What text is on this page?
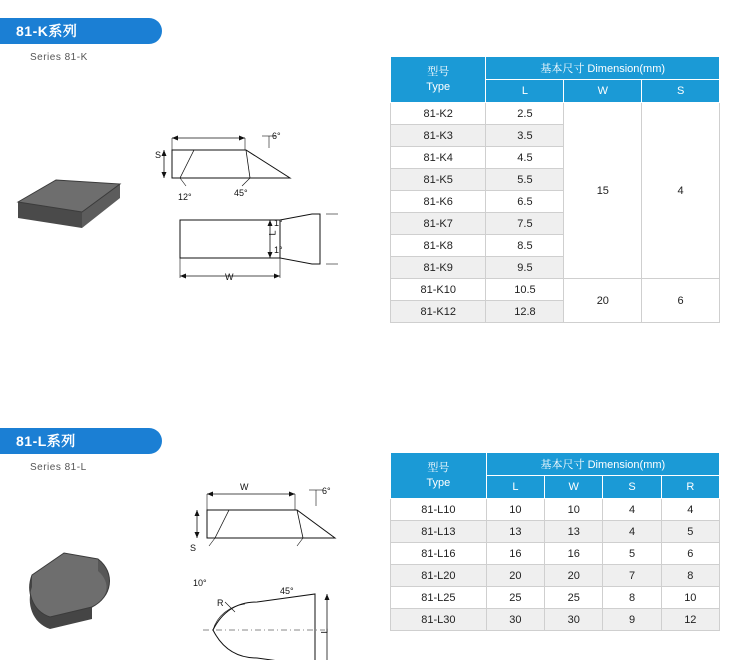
81-K系列
Series 81-K
S
12°	45°
6°
1°
1°
L
W
型号
Type	基本尺寸 Dimension(mm)		
	L	W	S
81-K2	2.5	15	4
81-K3	3.5		
81-K4	4.5		
81-K5	5.5		
81-K6	6.5		
81-K7	7.5		
81-K8	8.5		
81-K9	9.5		
81-K10	10.5	20	6
81-K12	12.8		
81-L系列
Series 81-L
W
S
10°
45°
6°
R
L
型号
Type	基本尺寸 Dimension(mm)			
	L	W	S	R
81-L10	10	10	4	4
81-L13	13	13	4	5
81-L16	16	16	5	6
81-L20	20	20	7	8
81-L25	25	25	8	10
81-L30	30	30	9	12
